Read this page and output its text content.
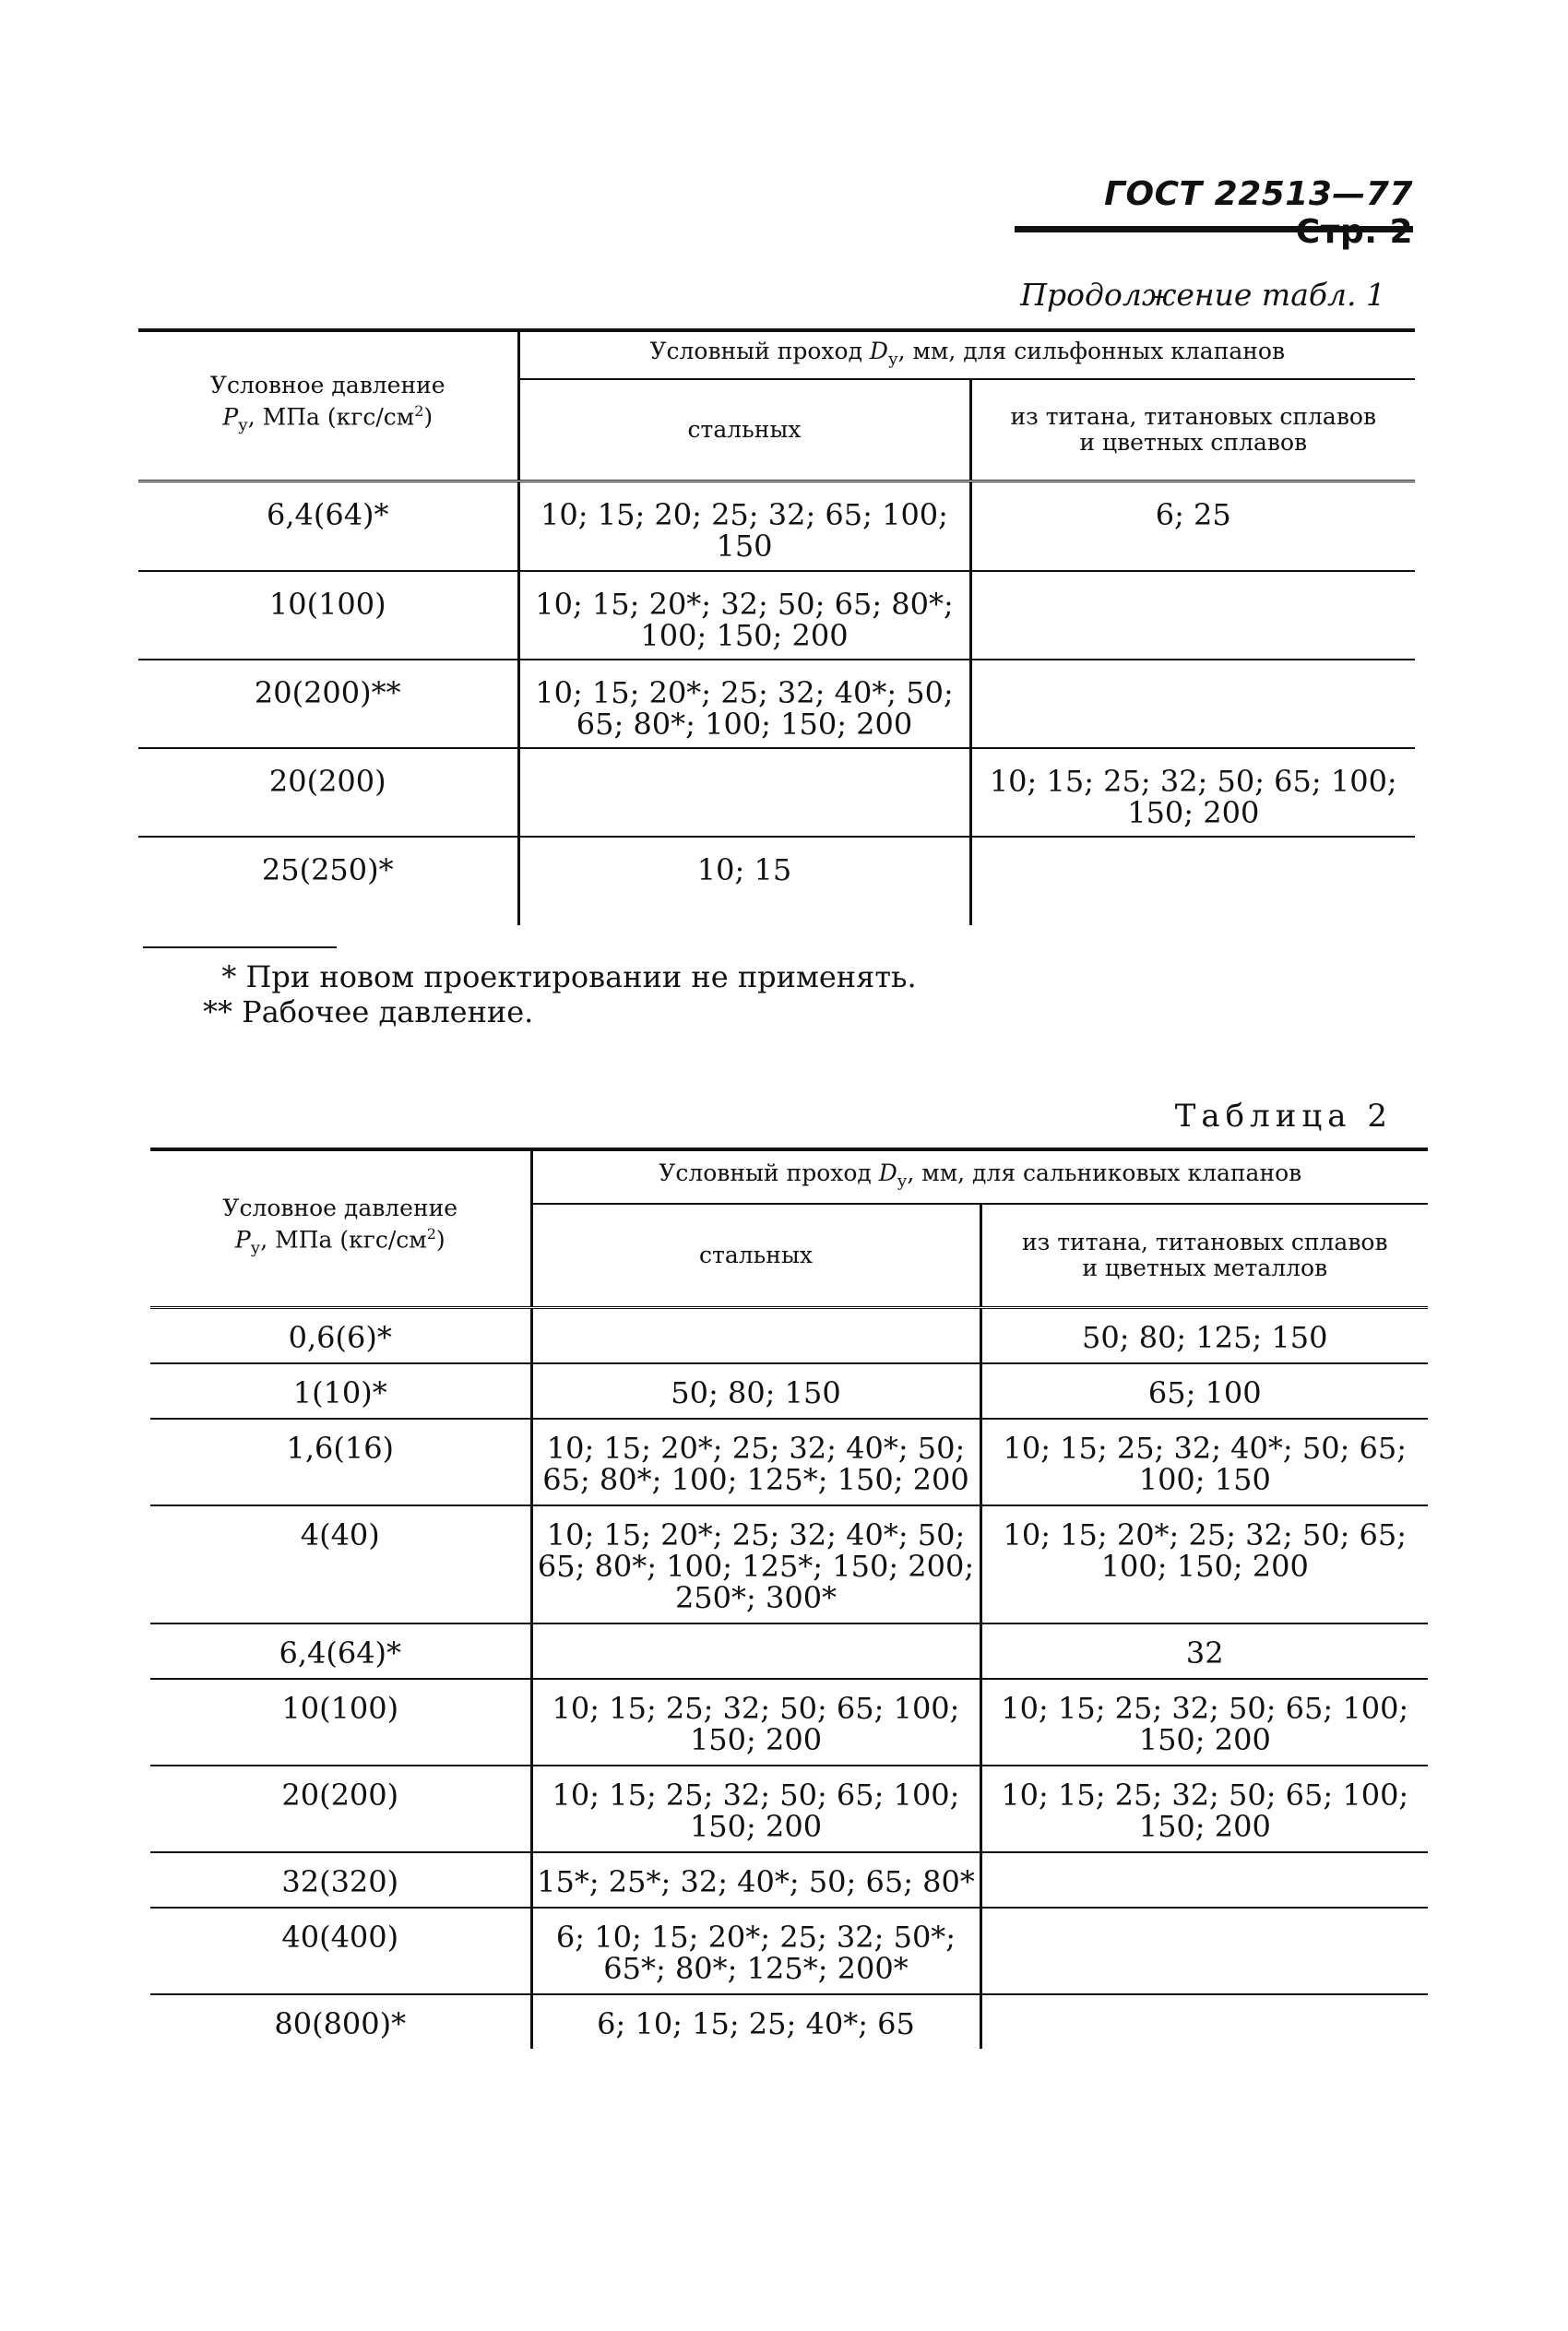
ГОСТ 22513—77
Продолжение табл. 1
Условное давление
$P_у$, МПа $(кгс/см^2)$	Условный проход $D_у$, мм, для сильфонных клапанов	
	стальных	из титана, титановых сплавов
и цветных сплавов

6,4(64)*	10; 15; 20; 25; 32; 65; 100; 150	6; 25
10(100)	10; 15; 20*; 32; 50; 65; 80*; 100; 150; 200	
20(200)**	10; 15; 20*; 25; 32; 40*; 50; 65; 80*; 100; 150; 200	
20(200)		10; 15; 25; 32; 50; 65; 100; 150; 200
25(250)*	10; 15	
* При новом проектировании не применять.
** Рабочее давление.
Таблица 2
Условное давление
$P_у$, МПа $(кгс/см^2)$	Условный проход $D_у$, мм, для сальниковых клапанов	
	стальных	из титана, титановых сплавов
и цветных металлов

0,6(6)*		50; 80; 125; 150
1(10)*	50; 80; 150	65; 100
1,6(16)	10; 15; 20*; 25; 32; 40*; 50; 65; 80*; 100; 125*; 150; 200	10; 15; 25; 32; 40*; 50; 65; 100; 150
4(40)	10; 15; 20*; 25; 32; 40*; 50; 65; 80*; 100; 125*; 150; 200; 250*; 300*	10; 15; 20*; 25; 32; 50; 65; 100; 150; 200
6,4(64)*		32
10(100)	10; 15; 25; 32; 50; 65; 100; 150; 200	10; 15; 25; 32; 50; 65; 100; 150; 200
20(200)	10; 15; 25; 32; 50; 65; 100; 150; 200	10; 15; 25; 32; 50; 65; 100; 150; 200
32(320)	15*; 25*; 32; 40*; 50; 65; 80*	
40(400)	6; 10; 15; 20*; 25; 32; 50*; 65*; 80*; 125*; 200*	
80(800)*	6; 10; 15; 25; 40*; 65	
